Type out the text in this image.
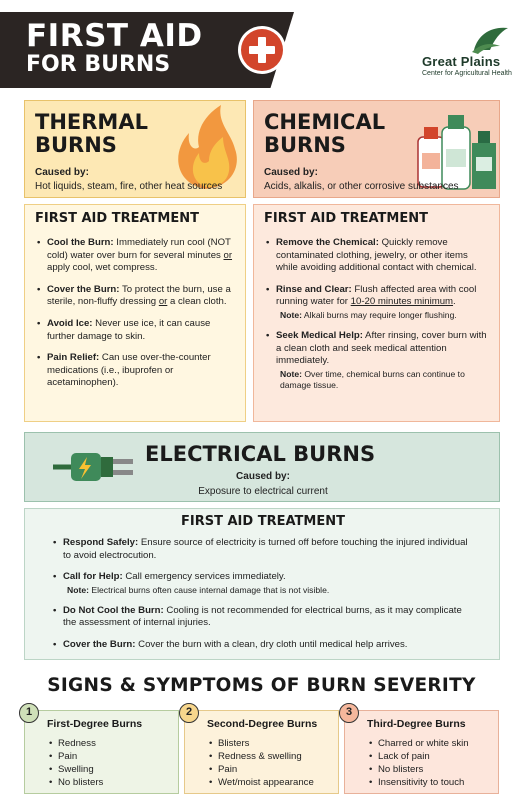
FIRST AID
FOR BURNS	Great Plains
Center for Agricultural Health
THERMAL
BURNS
Caused by:
Hot liquids, steam, fire, other heat sources
FIRST AID TREATMENT
• Cool the Burn: Immediately run cool (NOT cold) water over burn for several minutes or apply cool, wet compress.
• Cover the Burn: To protect the burn, use a sterile, non-fluffy dressing or a clean cloth.
• Avoid Ice: Never use ice, it can cause further damage to skin.
• Pain Relief: Can use over-the-counter medications (i.e., ibuprofen or acetaminophen).
CHEMICAL
BURNS
Caused by:
Acids, alkalis, or other corrosive substances
FIRST AID TREATMENT
• Remove the Chemical: Quickly remove contaminated clothing, jewelry, or other items while avoiding additional contact with chemical.
• Rinse and Clear: Flush affected area with cool running water for 10-20 minutes minimum.
Note: Alkali burns may require longer flushing.
• Seek Medical Help: After rinsing, cover burn with a clean cloth and seek medical attention immediately.
Note: Over time, chemical burns can continue to damage tissue.
ELECTRICAL BURNS
Caused by:
Exposure to electrical current
FIRST AID TREATMENT
• Respond Safely: Ensure source of electricity is turned off before touching the injured individual to avoid electrocution.
• Call for Help: Call emergency services immediately.
Note: Electrical burns often cause internal damage that is not visible.
• Do Not Cool the Burn: Cooling is not recommended for electrical burns, as it may complicate the assessment of internal injuries.
• Cover the Burn: Cover the burn with a clean, dry cloth until medical help arrives.
SIGNS & SYMPTOMS OF BURN SEVERITY
1
First-Degree Burns
• Redness
• Pain
• Swelling
• No blisters
2
Second-Degree Burns
• Blisters
• Redness & swelling
• Pain
• Wet/moist appearance
3
Third-Degree Burns
• Charred or white skin
• Lack of pain
• No blisters
• Insensitivity to touch
